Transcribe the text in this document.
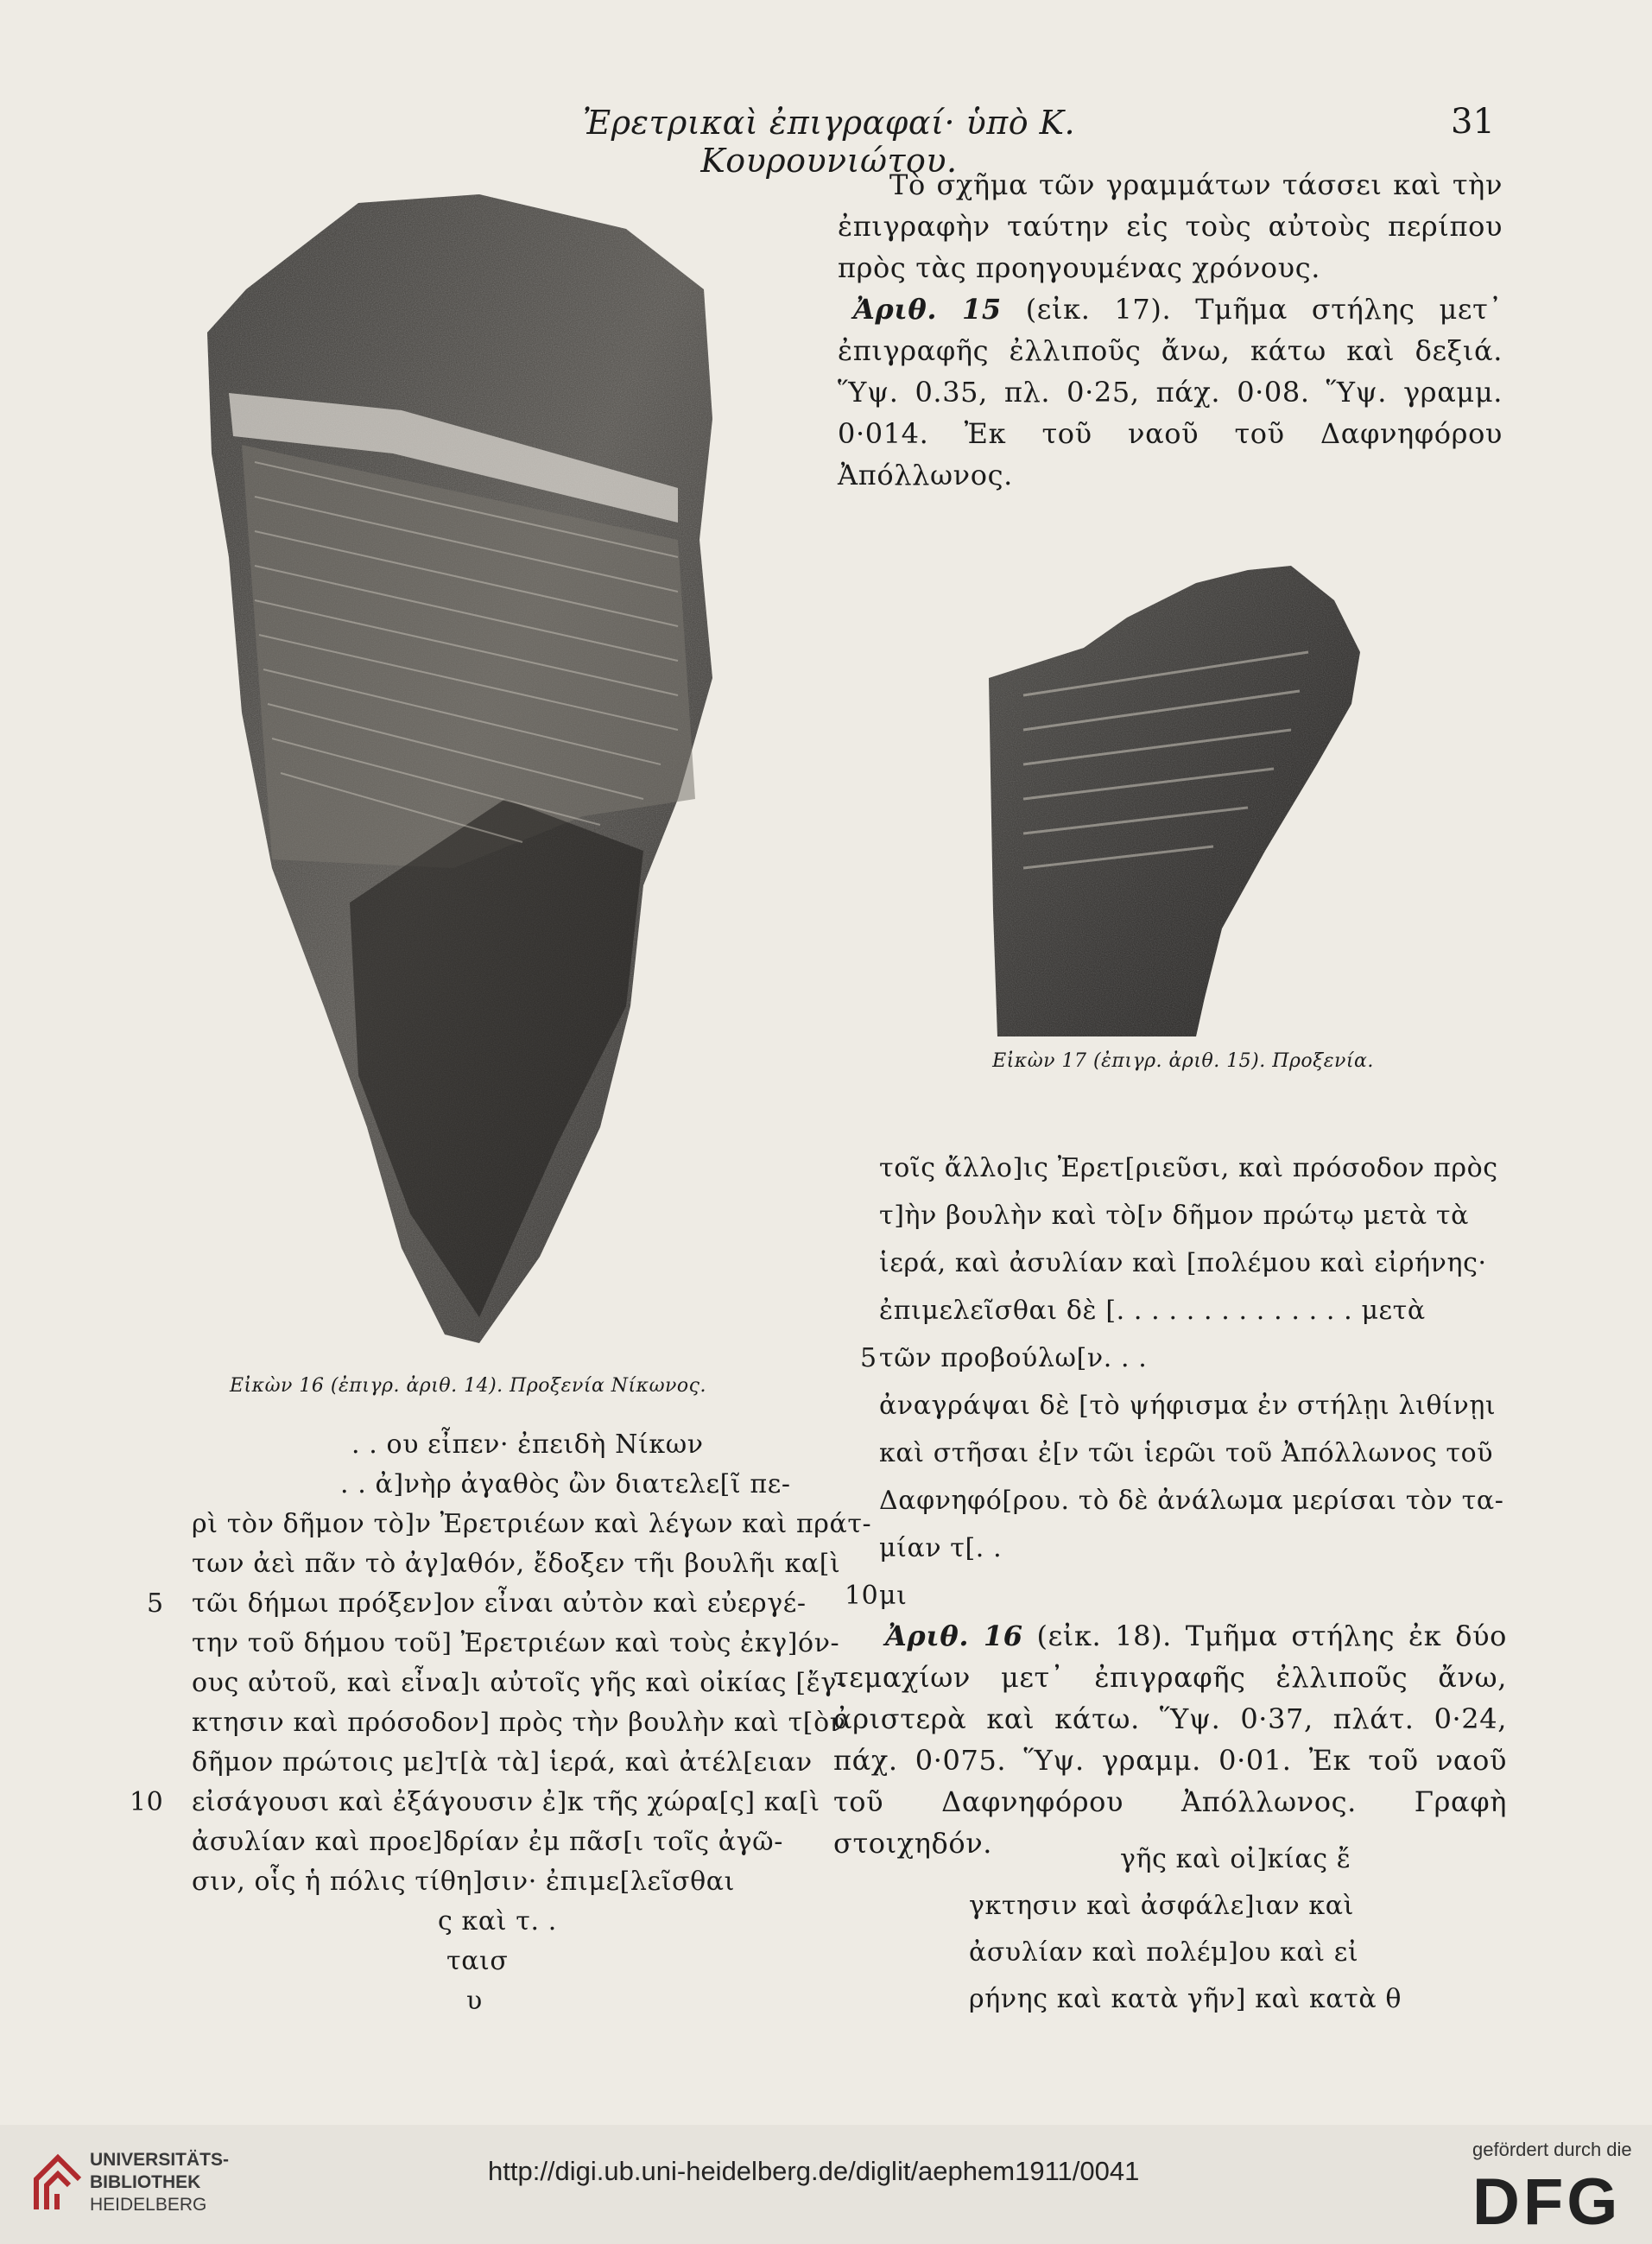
Ἐρετρικαὶ ἐπιγραφαί· ὑπὸ Κ. Κουρουνιώτου.
31
Εἰκὼν 16 (ἐπιγρ. ἀριθ. 14). Προξενία Νίκωνος.
Τὸ σχῆμα τῶν γραμμάτων τάσσει καὶ τὴν ἐπιγραφὴν ταύτην εἰς τοὺς αὐτοὺς περίπου πρὸς τὰς προηγουμένας χρόνους.
Ἀριθ. 15 (εἰκ. 17). Τμῆμα στήλης μετ᾽ ἐπιγραφῆς ἐλλιποῦς ἄνω, κάτω καὶ δεξιά. Ὕψ. 0.35, πλ. 0·25, πάχ. 0·08. Ὕψ. γραμμ. 0·014. Ἐκ τοῦ ναοῦ τοῦ Δαφνηφόρου Ἀπόλλωνος.
Εἰκὼν 17 (ἐπιγρ. ἀριθ. 15). Προξενία.
τοῖς ἄλλο]ις Ἐρετ[ριεῦσι, καὶ πρόσοδον πρὸς
τ]ὴν βουλὴν καὶ τὸ[ν δῆμον πρώτῳ μετὰ τὰ
ἱερά, καὶ ἀσυλίαν καὶ [πολέμου καὶ εἰρήνης·
ἐπιμελεῖσθαι δὲ [. . . . . . . . . . . . . . μετὰ
5 τῶν προβούλω[ν. . .
ἀναγράψαι δὲ [τὸ ψήφισμα ἐν στήλῃι λιθίνῃι
καὶ στῆσαι ἐ[ν τῶι ἱερῶι τοῦ Ἀπόλλωνος τοῦ
Δαφνηφό[ρου. τὸ δὲ ἀνάλωμα μερίσαι τὸν τα-
μίαν τ[. .
10 μι
Ἀριθ. 16 (εἰκ. 18). Τμῆμα στήλης ἐκ δύο τεμαχίων μετ᾽ ἐπιγραφῆς ἐλλιποῦς ἄνω, ἀριστερὰ καὶ κάτω. Ὕψ. 0·37, πλάτ. 0·24, πάχ. 0·075. Ὕψ. γραμμ. 0·01. Ἐκ τοῦ ναοῦ τοῦ Δαφνηφόρου Ἀπόλλωνος. Γραφὴ στοιχηδόν.	γῆς καὶ οἰ]κίας ἔ
γκτησιν καὶ ἀσφάλε]ιαν καὶ
ἀσυλίαν καὶ πολέμ]ου καὶ εἰ
ρήνης καὶ κατὰ γῆν] καὶ κατὰ θ
. . ου εἶπεν· ἐπειδὴ Νίκων
. . ἀ]νὴρ ἀγαθὸς ὢν διατελε[ῖ πε-
ρὶ τὸν δῆμον τὸ]ν Ἐρετριέων καὶ λέγων καὶ πράτ-
των ἀεὶ πᾶν τὸ ἀγ]αθόν, ἔδοξεν τῆι βουλῆι κα[ὶ
5 τῶι δήμωι πρόξεν]ον εἶναι αὐτὸν καὶ εὐεργέ-
την τοῦ δήμου τοῦ] Ἐρετριέων καὶ τοὺς ἐκγ]όν-
ους αὐτοῦ, καὶ εἶνα]ι αὐτοῖς γῆς καὶ οἰκίας [ἔγ-
κτησιν καὶ πρόσοδον] πρὸς τὴν βουλὴν καὶ τ[ὸν
δῆμον πρώτοις με]τ[ὰ τὰ] ἱερά, καὶ ἀτέλ[ειαν
10 εἰσάγουσι καὶ ἐξάγουσιν ἐ]κ τῆς χώρα[ς] κα[ὶ
ἀσυλίαν καὶ προε]δρίαν ἐμ πᾶσ[ι τοῖς ἀγῶ-
σιν, οἷς ἡ πόλις τίθη]σιν· ἐπιμε[λεῖσθαι
ς καὶ τ. .
ταισ
υ
UNIVERSITÄTS-
BIBLIOTHEK
HEIDELBERG
http://digi.ub.uni-heidelberg.de/diglit/aephem1911/0041
gefördert durch die
DFG
